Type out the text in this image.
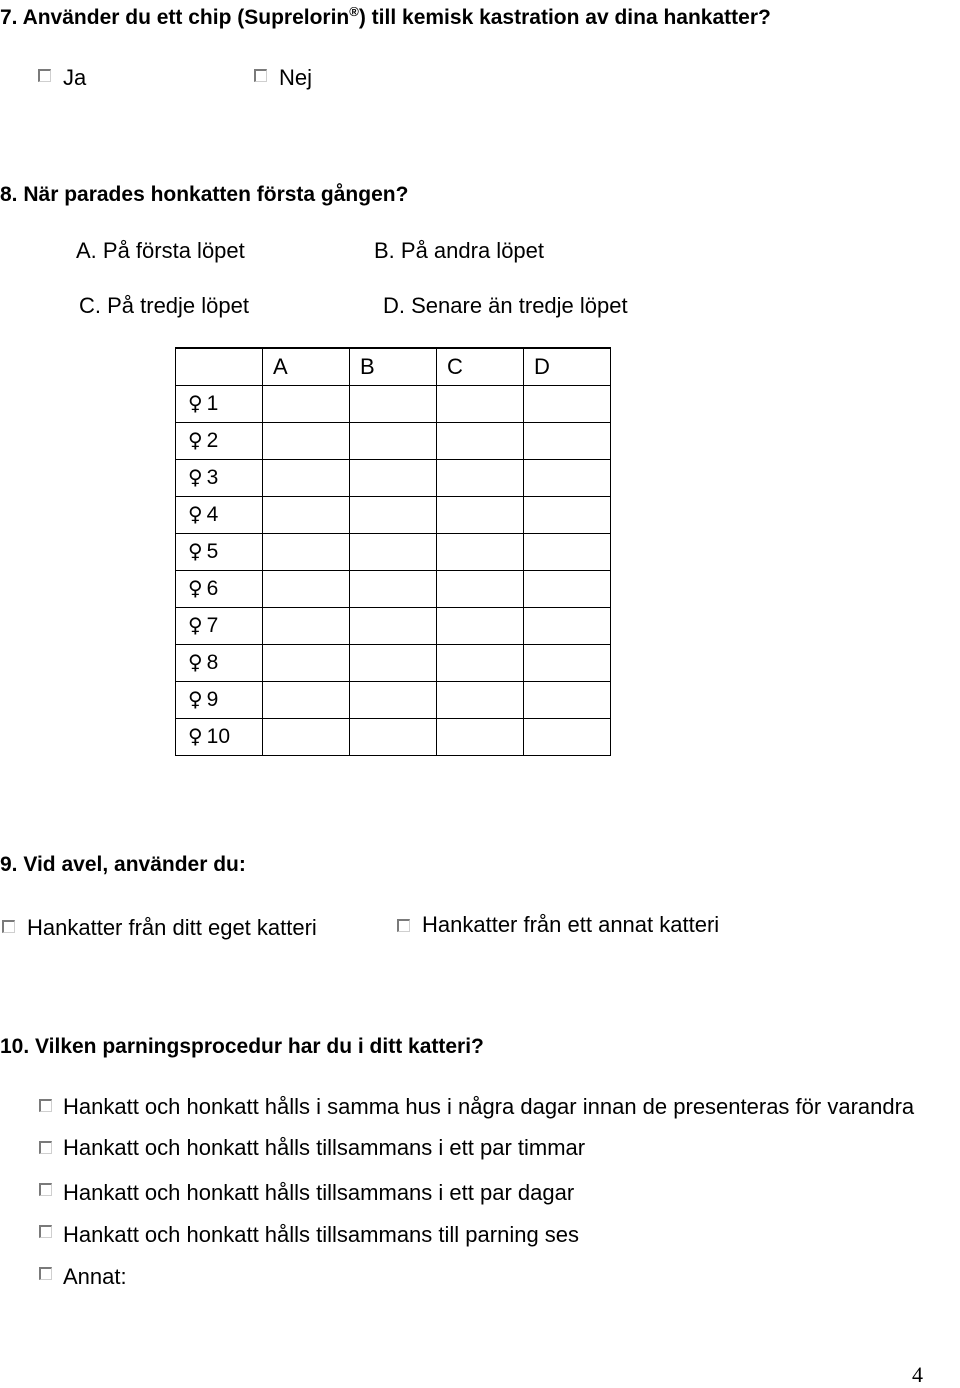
7. Använder du ett chip (Suprelorin®) till kemisk kastration av dina hankatter?
Ja	Nej
8. När parades honkatten första gången?
A. På första löpet	B. På andra löpet
C. På tredje löpet	D. Senare än tredje löpet
	A	B	C	D
♀ 1				
♀ 2				
♀ 3				
♀ 4				
♀ 5				
♀ 6				
♀ 7				
♀ 8				
♀ 9				
♀ 10				
9. Vid avel, använder du:
Hankatter från ditt eget katteri	Hankatter från ett annat katteri
10. Vilken parningsprocedur har du i ditt katteri?
Hankatt och honkatt hålls i samma hus i några dagar innan de presenteras för varandra
Hankatt och honkatt hålls tillsammans i ett par timmar
Hankatt och honkatt hålls tillsammans i ett par dagar
Hankatt och honkatt hålls tillsammans till parning ses
Annat:
4
